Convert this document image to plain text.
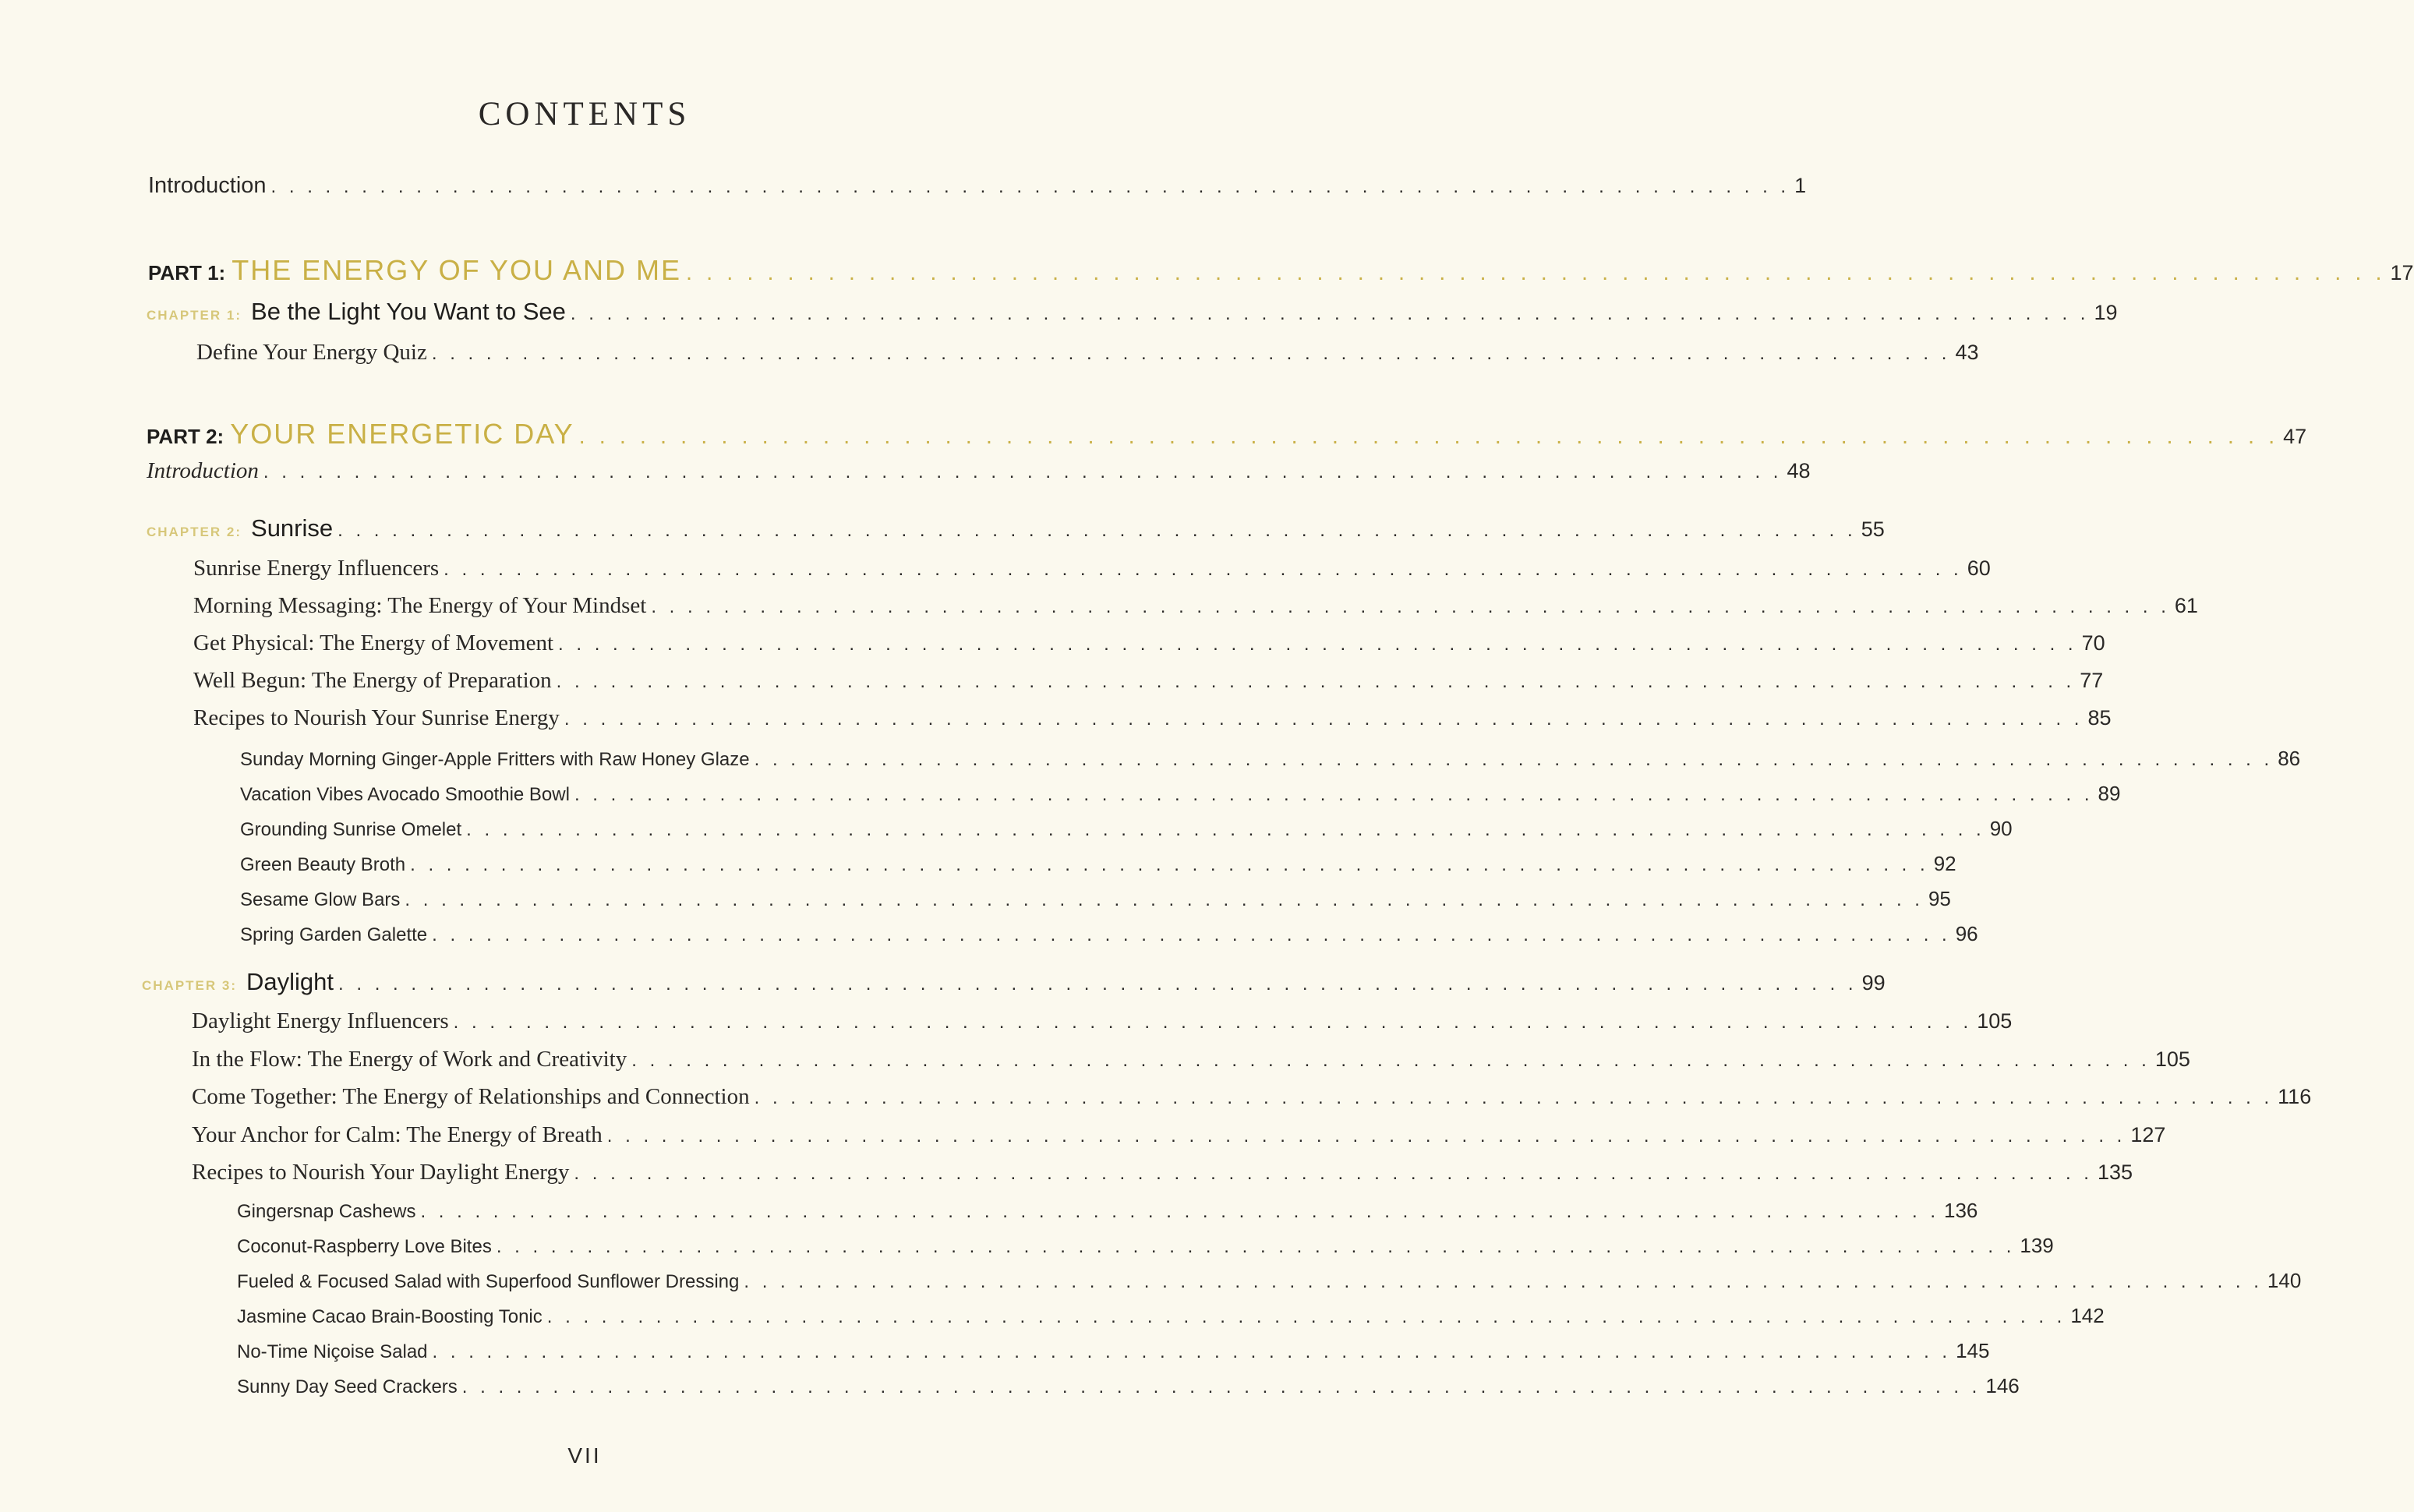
CONTENTS
Introduction . . . . . . . . . . . . . . . . . . . . . . . . . . . . . . . . . . . . . . . . . . . . . . . . . . . . . . . . . . . . . . . . . . . . . . . . . . . . . . . . . . . . 1
PART 1: THE ENERGY OF YOU AND ME . . . . . . . . . . . . . . . . . . . . . . . . . . . . . . . . . . . . . . . . . . . . . . . . . . . . . . . . . . . . . . . . . . . . . . . . . . . . . . . . . . . . 17
CHAPTER 1: Be the Light You Want to See . . . . . . . . . . . . . . . . . . . . . . . . . . . . . . . . . . . . . . . . . . . . . . . . . . . . . . . . . . . . . . . . . . . . . . . . . . . . . . . . . . . . 19
Define Your Energy Quiz . . . . . . . . . . . . . . . . . . . . . . . . . . . . . . . . . . . . . . . . . . . . . . . . . . . . . . . . . . . . . . . . . . . . . . . . . . . . . . . . . . . . 43
PART 2: YOUR ENERGETIC DAY . . . . . . . . . . . . . . . . . . . . . . . . . . . . . . . . . . . . . . . . . . . . . . . . . . . . . . . . . . . . . . . . . . . . . . . . . . . . . . . . . . . . 47
Introduction . . . . . . . . . . . . . . . . . . . . . . . . . . . . . . . . . . . . . . . . . . . . . . . . . . . . . . . . . . . . . . . . . . . . . . . . . . . . . . . . . . . . 48
CHAPTER 2: Sunrise . . . . . . . . . . . . . . . . . . . . . . . . . . . . . . . . . . . . . . . . . . . . . . . . . . . . . . . . . . . . . . . . . . . . . . . . . . . . . . . . . . . . 55
Sunrise Energy Influencers . . . . . . . . . . . . . . . . . . . . . . . . . . . . . . . . . . . . . . . . . . . . . . . . . . . . . . . . . . . . . . . . . . . . . . . . . . . . . . . . . . . . 60
Morning Messaging: The Energy of Your Mindset . . . . . . . . . . . . . . . . . . . . . . . . . . . . . . . . . . . . . . . . . . . . . . . . . . . . . . . . . . . . . . . . . . . . . . . . . . . . . . . . . . . . 61
Get Physical: The Energy of Movement . . . . . . . . . . . . . . . . . . . . . . . . . . . . . . . . . . . . . . . . . . . . . . . . . . . . . . . . . . . . . . . . . . . . . . . . . . . . . . . . . . . . 70
Well Begun: The Energy of Preparation . . . . . . . . . . . . . . . . . . . . . . . . . . . . . . . . . . . . . . . . . . . . . . . . . . . . . . . . . . . . . . . . . . . . . . . . . . . . . . . . . . . . 77
Recipes to Nourish Your Sunrise Energy . . . . . . . . . . . . . . . . . . . . . . . . . . . . . . . . . . . . . . . . . . . . . . . . . . . . . . . . . . . . . . . . . . . . . . . . . . . . . . . . . . . . 85
Sunday Morning Ginger-Apple Fritters with Raw Honey Glaze . . . . . . . . . . . . . . . . . . . . . . . . . . . . . . . . . . . . . . . . . . . . . . . . . . . . . . . . . . . . . . . . . . . . . . . . . . . . . . . . . . . . 86
Vacation Vibes Avocado Smoothie Bowl . . . . . . . . . . . . . . . . . . . . . . . . . . . . . . . . . . . . . . . . . . . . . . . . . . . . . . . . . . . . . . . . . . . . . . . . . . . . . . . . . . . . 89
Grounding Sunrise Omelet . . . . . . . . . . . . . . . . . . . . . . . . . . . . . . . . . . . . . . . . . . . . . . . . . . . . . . . . . . . . . . . . . . . . . . . . . . . . . . . . . . . . 90
Green Beauty Broth . . . . . . . . . . . . . . . . . . . . . . . . . . . . . . . . . . . . . . . . . . . . . . . . . . . . . . . . . . . . . . . . . . . . . . . . . . . . . . . . . . . . 92
Sesame Glow Bars . . . . . . . . . . . . . . . . . . . . . . . . . . . . . . . . . . . . . . . . . . . . . . . . . . . . . . . . . . . . . . . . . . . . . . . . . . . . . . . . . . . . 95
Spring Garden Galette . . . . . . . . . . . . . . . . . . . . . . . . . . . . . . . . . . . . . . . . . . . . . . . . . . . . . . . . . . . . . . . . . . . . . . . . . . . . . . . . . . . . 96
CHAPTER 3: Daylight . . . . . . . . . . . . . . . . . . . . . . . . . . . . . . . . . . . . . . . . . . . . . . . . . . . . . . . . . . . . . . . . . . . . . . . . . . . . . . . . . . . . 99
Daylight Energy Influencers . . . . . . . . . . . . . . . . . . . . . . . . . . . . . . . . . . . . . . . . . . . . . . . . . . . . . . . . . . . . . . . . . . . . . . . . . . . . . . . . . . . . 105
In the Flow: The Energy of Work and Creativity . . . . . . . . . . . . . . . . . . . . . . . . . . . . . . . . . . . . . . . . . . . . . . . . . . . . . . . . . . . . . . . . . . . . . . . . . . . . . . . . . . . . 105
Come Together: The Energy of Relationships and Connection . . . . . . . . . . . . . . . . . . . . . . . . . . . . . . . . . . . . . . . . . . . . . . . . . . . . . . . . . . . . . . . . . . . . . . . . . . . . . . . . . . . . 116
Your Anchor for Calm: The Energy of Breath . . . . . . . . . . . . . . . . . . . . . . . . . . . . . . . . . . . . . . . . . . . . . . . . . . . . . . . . . . . . . . . . . . . . . . . . . . . . . . . . . . . . 127
Recipes to Nourish Your Daylight Energy . . . . . . . . . . . . . . . . . . . . . . . . . . . . . . . . . . . . . . . . . . . . . . . . . . . . . . . . . . . . . . . . . . . . . . . . . . . . . . . . . . . . 135
Gingersnap Cashews . . . . . . . . . . . . . . . . . . . . . . . . . . . . . . . . . . . . . . . . . . . . . . . . . . . . . . . . . . . . . . . . . . . . . . . . . . . . . . . . . . . . 136
Coconut-Raspberry Love Bites . . . . . . . . . . . . . . . . . . . . . . . . . . . . . . . . . . . . . . . . . . . . . . . . . . . . . . . . . . . . . . . . . . . . . . . . . . . . . . . . . . . . 139
Fueled & Focused Salad with Superfood Sunflower Dressing . . . . . . . . . . . . . . . . . . . . . . . . . . . . . . . . . . . . . . . . . . . . . . . . . . . . . . . . . . . . . . . . . . . . . . . . . . . . . . . . . . . . 140
Jasmine Cacao Brain-Boosting Tonic . . . . . . . . . . . . . . . . . . . . . . . . . . . . . . . . . . . . . . . . . . . . . . . . . . . . . . . . . . . . . . . . . . . . . . . . . . . . . . . . . . . . 142
No-Time Niçoise Salad . . . . . . . . . . . . . . . . . . . . . . . . . . . . . . . . . . . . . . . . . . . . . . . . . . . . . . . . . . . . . . . . . . . . . . . . . . . . . . . . . . . . 145
Sunny Day Seed Crackers . . . . . . . . . . . . . . . . . . . . . . . . . . . . . . . . . . . . . . . . . . . . . . . . . . . . . . . . . . . . . . . . . . . . . . . . . . . . . . . . . . . . 146
VII
